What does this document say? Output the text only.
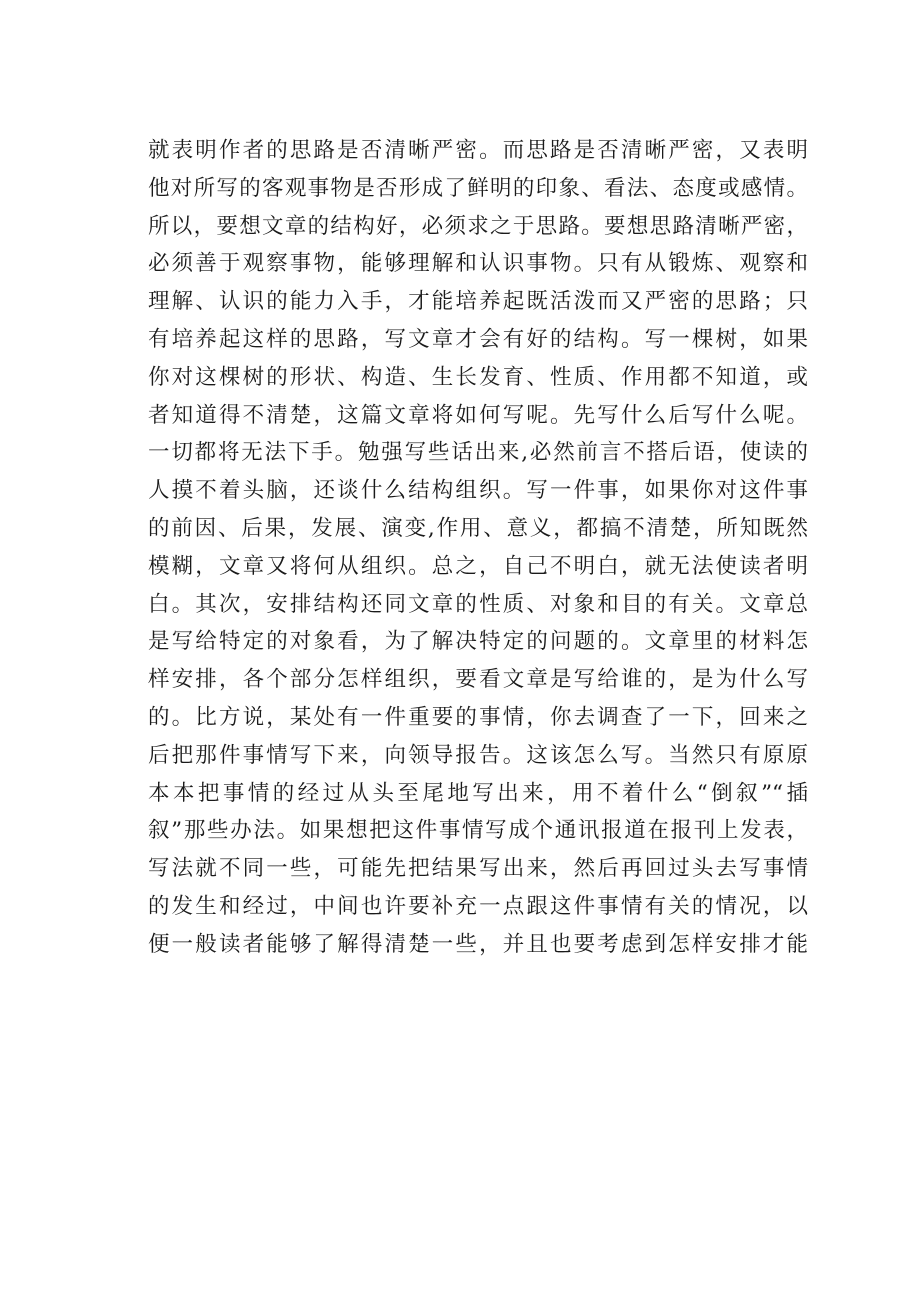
就表明作者的思路是否清晰严密。而思路是否清晰严密，又表明
他对所写的客观事物是否形成了鲜明的印象、看法、态度或感情。
所以，要想文章的结构好，必须求之于思路。要想思路清晰严密，
必须善于观察事物，能够理解和认识事物。只有从锻炼、观察和
理解、认识的能力入手，才能培养起既活泼而又严密的思路；只
有培养起这样的思路，写文章才会有好的结构。写一棵树，如果
你对这棵树的形状、构造、生长发育、性质、作用都不知道，或
者知道得不清楚，这篇文章将如何写呢。先写什么后写什么呢。
一切都将无法下手。勉强写些话出来,必然前言不搭后语，使读的
人摸不着头脑，还谈什么结构组织。写一件事，如果你对这件事
的前因、后果，发展、演变,作用、意义，都搞不清楚，所知既然
模糊，文章又将何从组织。总之，自己不明白，就无法使读者明
白。其次，安排结构还同文章的性质、对象和目的有关。文章总
是写给特定的对象看，为了解决特定的问题的。文章里的材料怎
样安排，各个部分怎样组织，要看文章是写给谁的，是为什么写
的。比方说，某处有一件重要的事情，你去调查了一下，回来之
后把那件事情写下来，向领导报告。这该怎么写。当然只有原原
本本把事情的经过从头至尾地写出来，用不着什么“倒叙”“插
叙”那些办法。如果想把这件事情写成个通讯报道在报刊上发表，
写法就不同一些，可能先把结果写出来，然后再回过头去写事情
的发生和经过，中间也许要补充一点跟这件事情有关的情况，以
便一般读者能够了解得清楚一些，并且也要考虑到怎样安排才能
